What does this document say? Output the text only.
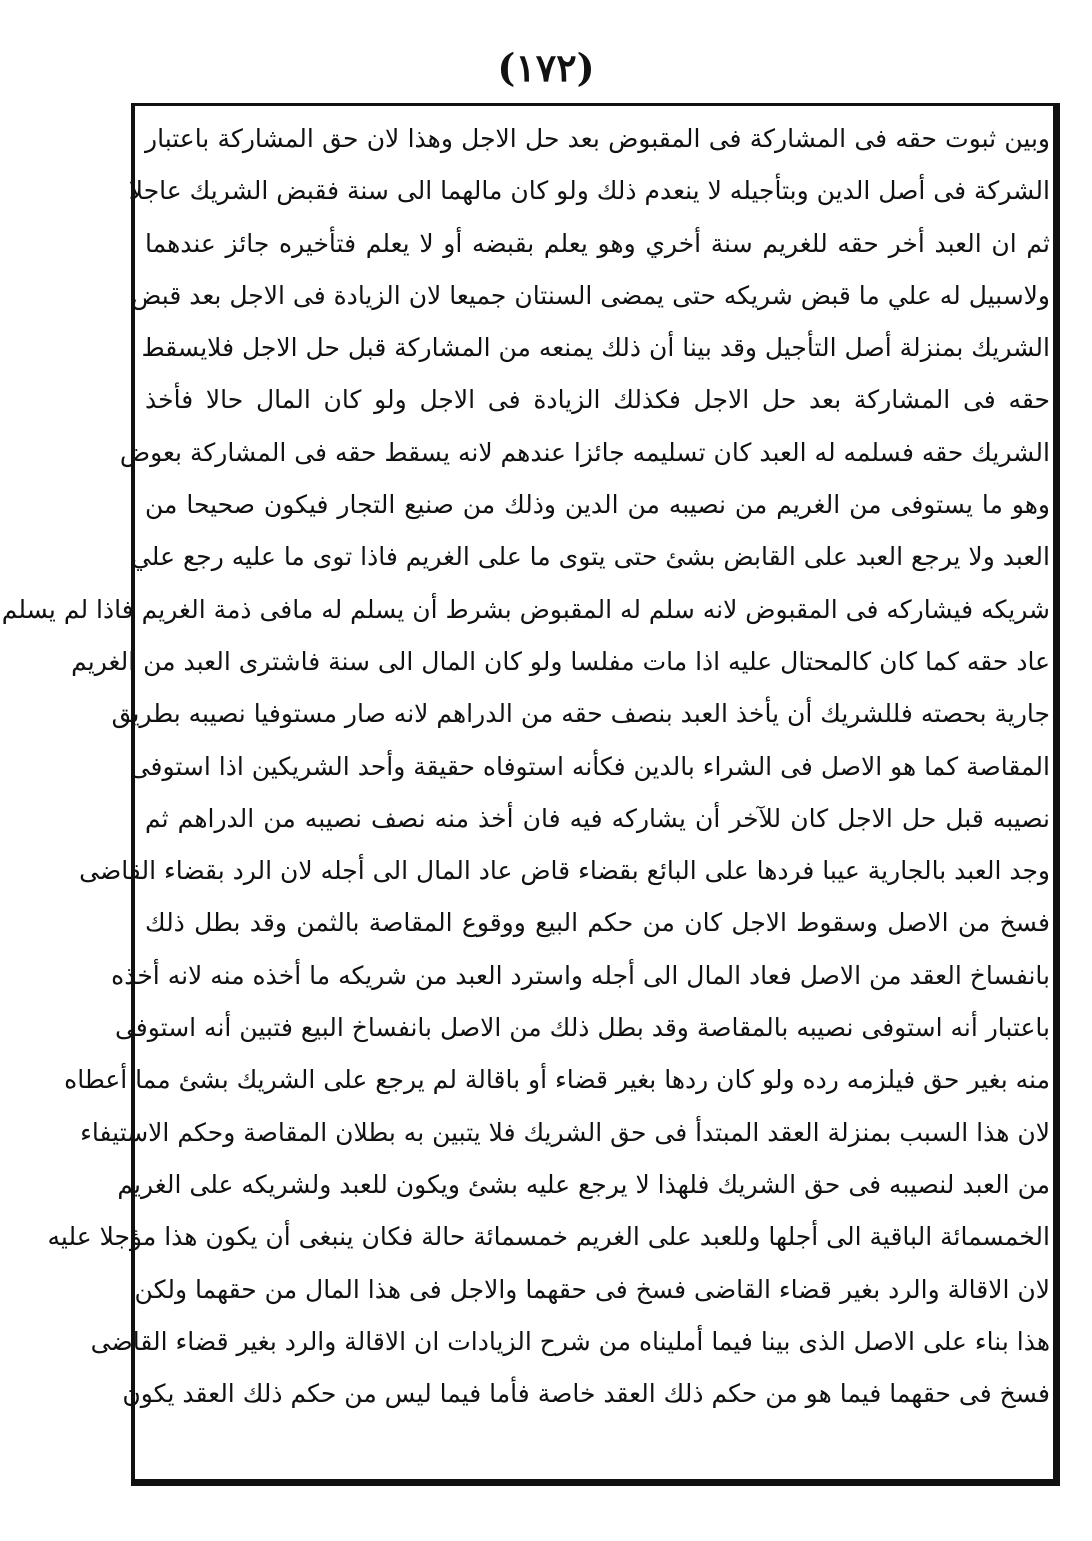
(١٧٢)
وبين ثبوت حقه فى المشاركة فى المقبوض بعد حل الاجل وهذا لان حق المشاركة باعتبار
الشركة فى أصل الدين وبتأجيله لا ينعدم ذلك ولو كان مالهما الى سنة فقبض الشريك عاجلا
ثم ان العبد أخر حقه للغريم سنة أخري وهو يعلم بقبضه أو لا يعلم فتأخيره جائز عندهما
ولاسبيل له علي ما قبض شريكه حتى يمضى السنتان جميعا لان الزيادة فى الاجل بعد قبض
الشريك بمنزلة أصل التأجيل وقد بينا أن ذلك يمنعه من المشاركة قبل حل الاجل فلايسقط
حقه فى المشاركة بعد حل الاجل فكذلك الزيادة فى الاجل ولو كان المال حالا فأخذ
الشريك حقه فسلمه له العبد كان تسليمه جائزا عندهم لانه يسقط حقه فى المشاركة بعوض
وهو ما يستوفى من الغريم من نصيبه من الدين وذلك من صنيع التجار فيكون صحيحا من
العبد ولا يرجع العبد على القابض بشئ حتى يتوى ما على الغريم فاذا توى ما عليه رجع علي
شريكه فيشاركه فى المقبوض لانه سلم له المقبوض بشرط أن يسلم له مافى ذمة الغريم فاذا لم يسلم
عاد حقه كما كان كالمحتال عليه اذا مات مفلسا ولو كان المال الى سنة فاشترى العبد من الغريم
جارية بحصته فللشريك أن يأخذ العبد بنصف حقه من الدراهم لانه صار مستوفيا نصيبه بطريق
المقاصة كما هو الاصل فى الشراء بالدين فكأنه استوفاه حقيقة وأحد الشريكين اذا استوفى
نصيبه قبل حل الاجل كان للآخر أن يشاركه فيه فان أخذ منه نصف نصيبه من الدراهم ثم
وجد العبد بالجارية عيبا فردها على البائع بقضاء قاض عاد المال الى أجله لان الرد بقضاء القاضى
فسخ من الاصل وسقوط الاجل كان من حكم البيع ووقوع المقاصة بالثمن وقد بطل ذلك
بانفساخ العقد من الاصل فعاد المال الى أجله واسترد العبد من شريكه ما أخذه منه لانه أخذه
باعتبار أنه استوفى نصيبه بالمقاصة وقد بطل ذلك من الاصل بانفساخ البيع فتبين أنه استوفى
منه بغير حق فيلزمه رده ولو كان ردها بغير قضاء أو باقالة لم يرجع على الشريك بشئ مما أعطاه
لان هذا السبب بمنزلة العقد المبتدأ فى حق الشريك فلا يتبين به بطلان المقاصة وحكم الاستيفاء
من العبد لنصيبه فى حق الشريك فلهذا لا يرجع عليه بشئ ويكون للعبد ولشريكه على الغريم
الخمسمائة الباقية الى أجلها وللعبد على الغريم خمسمائة حالة فكان ينبغى أن يكون هذا مؤجلا عليه
لان الاقالة والرد بغير قضاء القاضى فسخ فى حقهما والاجل فى هذا المال من حقهما ولكن
هذا بناء على الاصل الذى بينا فيما أمليناه من شرح الزيادات ان الاقالة والرد بغير قضاء القاضى
فسخ فى حقهما فيما هو من حكم ذلك العقد خاصة فأما فيما ليس من حكم ذلك العقد يكون
